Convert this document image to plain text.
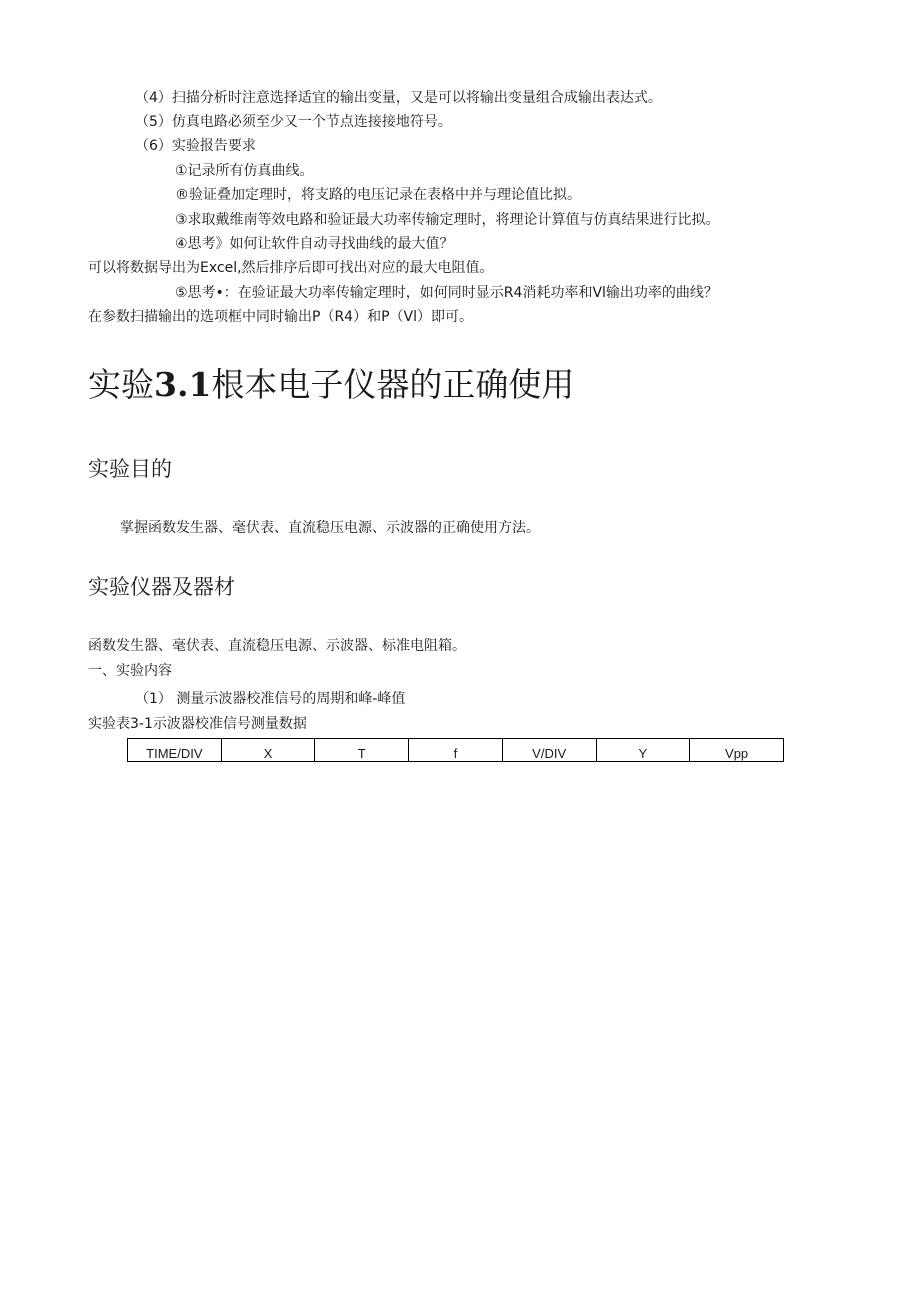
（4）扫描分析时注意选择适宜的输出变量，又是可以将输出变量组合成输出表达式。
（5）仿真电路必须至少又一个节点连接接地符号。
（6）实验报告要求
①记录所有仿真曲线。
®验证叠加定理时，将支路的电压记录在表格中并与理论值比拟。
③求取戴维南等效电路和验证最大功率传输定理时，将理论计算值与仿真结果进行比拟。
④思考》如何让软件自动寻找曲线的最大值？
可以将数据导出为Excel,然后排序后即可找出对应的最大电阻值。
⑤思考•：在验证最大功率传输定理时，如何同时显示R4消耗功率和Vl输出功率的曲线？
在参数扫描输出的选项框中同时输出P（R4）和P（Vl）即可。
实验3.1根本电子仪器的正确使用
实验目的
掌握函数发生器、毫伏表、直流稳压电源、示波器的正确使用方法。
实验仪器及器材
函数发生器、毫伏表、直流稳压电源、示波器、标准电阻箱。
一、实验内容
（1） 测量示波器校准信号的周期和峰-峰值
实验表3-1示波器校准信号测量数据
TIME/DIV	X	T	f	V/DIV	Y	Vpp
